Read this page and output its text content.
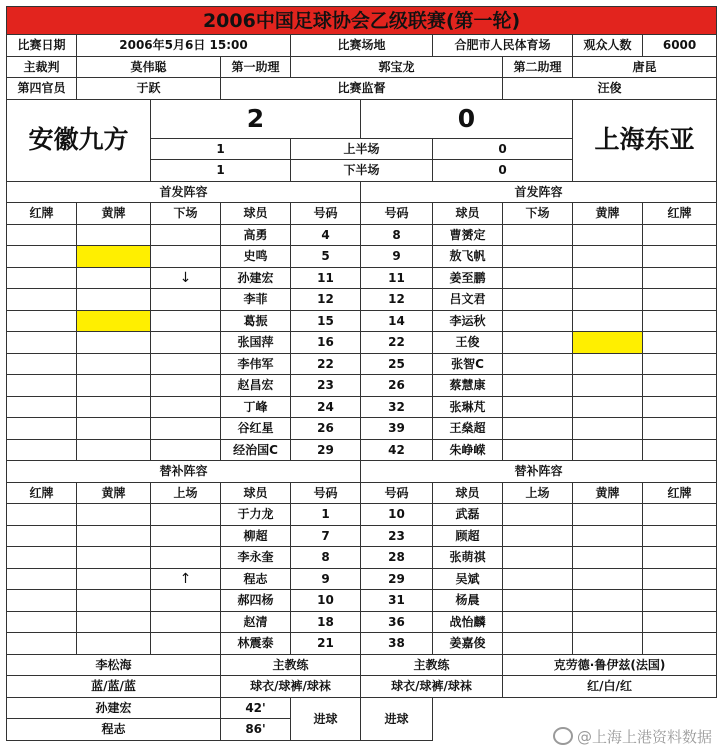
2006中国足球协会乙级联赛(第一轮)									
比赛日期	2006年5月6日 15:00			比赛场地		合肥市人民体育场		观众人数	6000
主裁判	莫伟聪		第一助理	郭宝龙			第二助理	唐昆	
第四官员	于跃		比赛监督				汪俊		
安徽九方		2			0			上海东亚	
		1		上半场		0			
		1		下半场		0			
首发阵容					首发阵容				
红牌	黄牌	下场	球员	号码	号码	球员	下场	黄牌	红牌
			高勇	4	8	曹赟定			
			史鸣	5	9	敖飞帆			
		↓	孙建宏	11	11	姜至鹏			
			李菲	12	12	吕文君			
			葛振	15	14	李运秋			
			张国萍	16	22	王俊			
			李伟军	22	25	张智C			
			赵昌宏	23	26	蔡慧康			
			丁峰	24	32	张琳芃			
			谷红星	26	39	王燊超			
			经治国C	29	42	朱峥嵘			
替补阵容					替补阵容				
红牌	黄牌	上场	球员	号码	号码	球员	上场	黄牌	红牌
			于力龙	1	10	武磊			
			柳超	7	23	顾超			
			李永奎	8	28	张萌祺			
		↑	程志	9	29	吴斌			
			郝四杨	10	31	杨晨			
			赵清	18	36	战怡麟			
			林震泰	21	38	姜嘉俊			
李松海			主教练		主教练		克劳德·鲁伊兹(法国)		
蓝/蓝/蓝			球衣/球裤/球袜		球衣/球裤/球袜		红/白/红		
孙建宏			42'	进球	进球				
程志			86'							@上海上港资料数据
